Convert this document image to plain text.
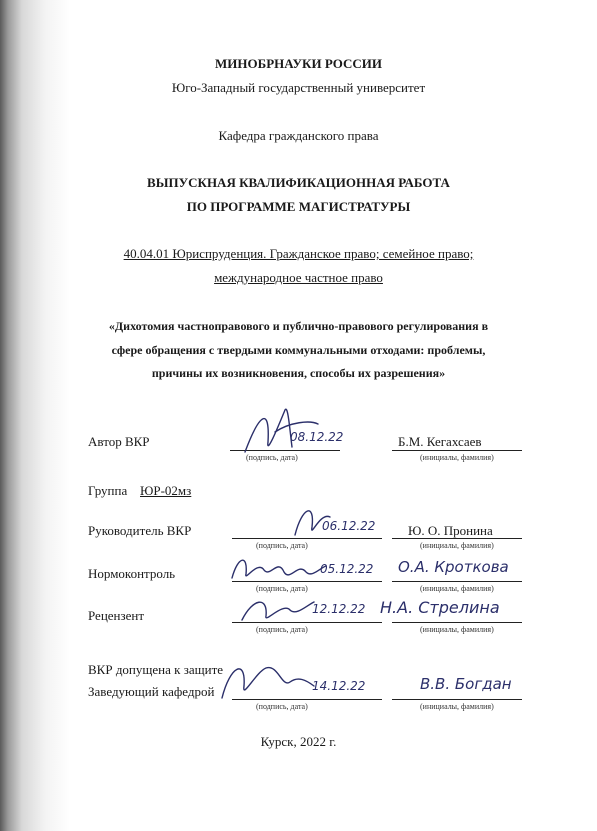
МИНОБРНАУКИ РОССИИ
Юго-Западный государственный университет
Кафедра гражданского права
ВЫПУСКНАЯ КВАЛИФИКАЦИОННАЯ РАБОТА
ПО ПРОГРАММЕ МАГИСТРАТУРЫ
40.04.01 Юриспруденция. Гражданское право; семейное право;
международное частное право
«Дихотомия частноправового и публично-правового регулирования в
сфере обращения с твердыми коммунальными отходами: проблемы,
причины их возникновения, способы их разрешения»
Автор ВКР	08.12.22	Б.М. Кегахсаев
(подпись, дата)	(инициалы, фамилия)
Группа ЮР-02мз
Руководитель ВКР	06.12.22	Ю. О. Пронина
(подпись, дата)	(инициалы, фамилия)
Нормоконтроль	05.12.22 О.А. Кроткова
(подпись, дата)	(инициалы, фамилия)
Рецензент	12.12.22 Н.А. Стрелина
(подпись, дата)	(инициалы, фамилия)
ВКР допущена к защите
Заведующий кафедрой	14.12.22	В.В. Богдан
(подпись, дата)	(инициалы, фамилия)
Курск, 2022 г.
